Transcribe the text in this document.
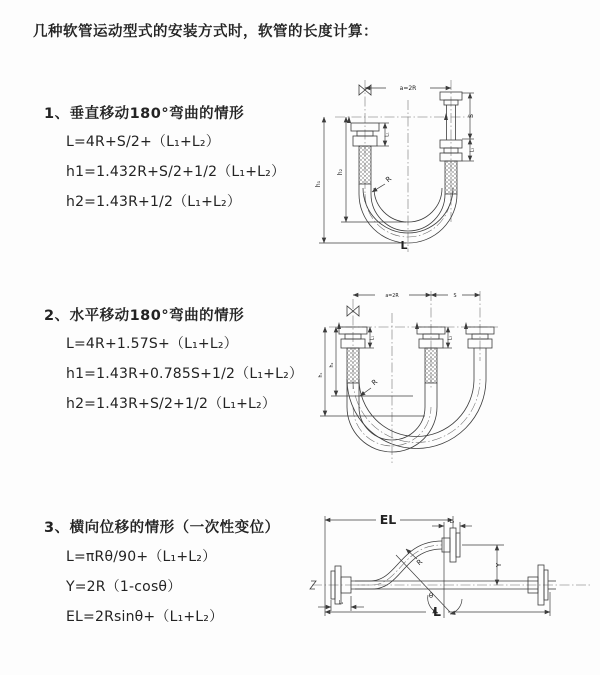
几种软管运动型式的安装方式时，软管的长度计算：
1、垂直移动180°弯曲的情形
L=4R+S/2+（L₁+L₂）
h1=1.432R+S/2+1/2（L₁+L₂）
h2=1.43R+1/2（L₁+L₂）
a=2R
h₁
h₂
S
L₂
L₁
R
L
2、水平移动180°弯曲的情形
L=4R+1.57S+（L₁+L₂）
h1=1.43R+0.785S+1/2（L₁+L₂）
h2=1.43R+S/2+1/2（L₁+L₂）
a=2R	S
h₁
h₂
L₁	L₂
R
3、横向位移的情形（一次性变位）
L=πRθ/90+（L₁+L₂）
Y=2R（1-cosθ）
EL=2Rsinθ+（L₁+L₂）
EL	L₂
Y
θ
R
L
L₁
